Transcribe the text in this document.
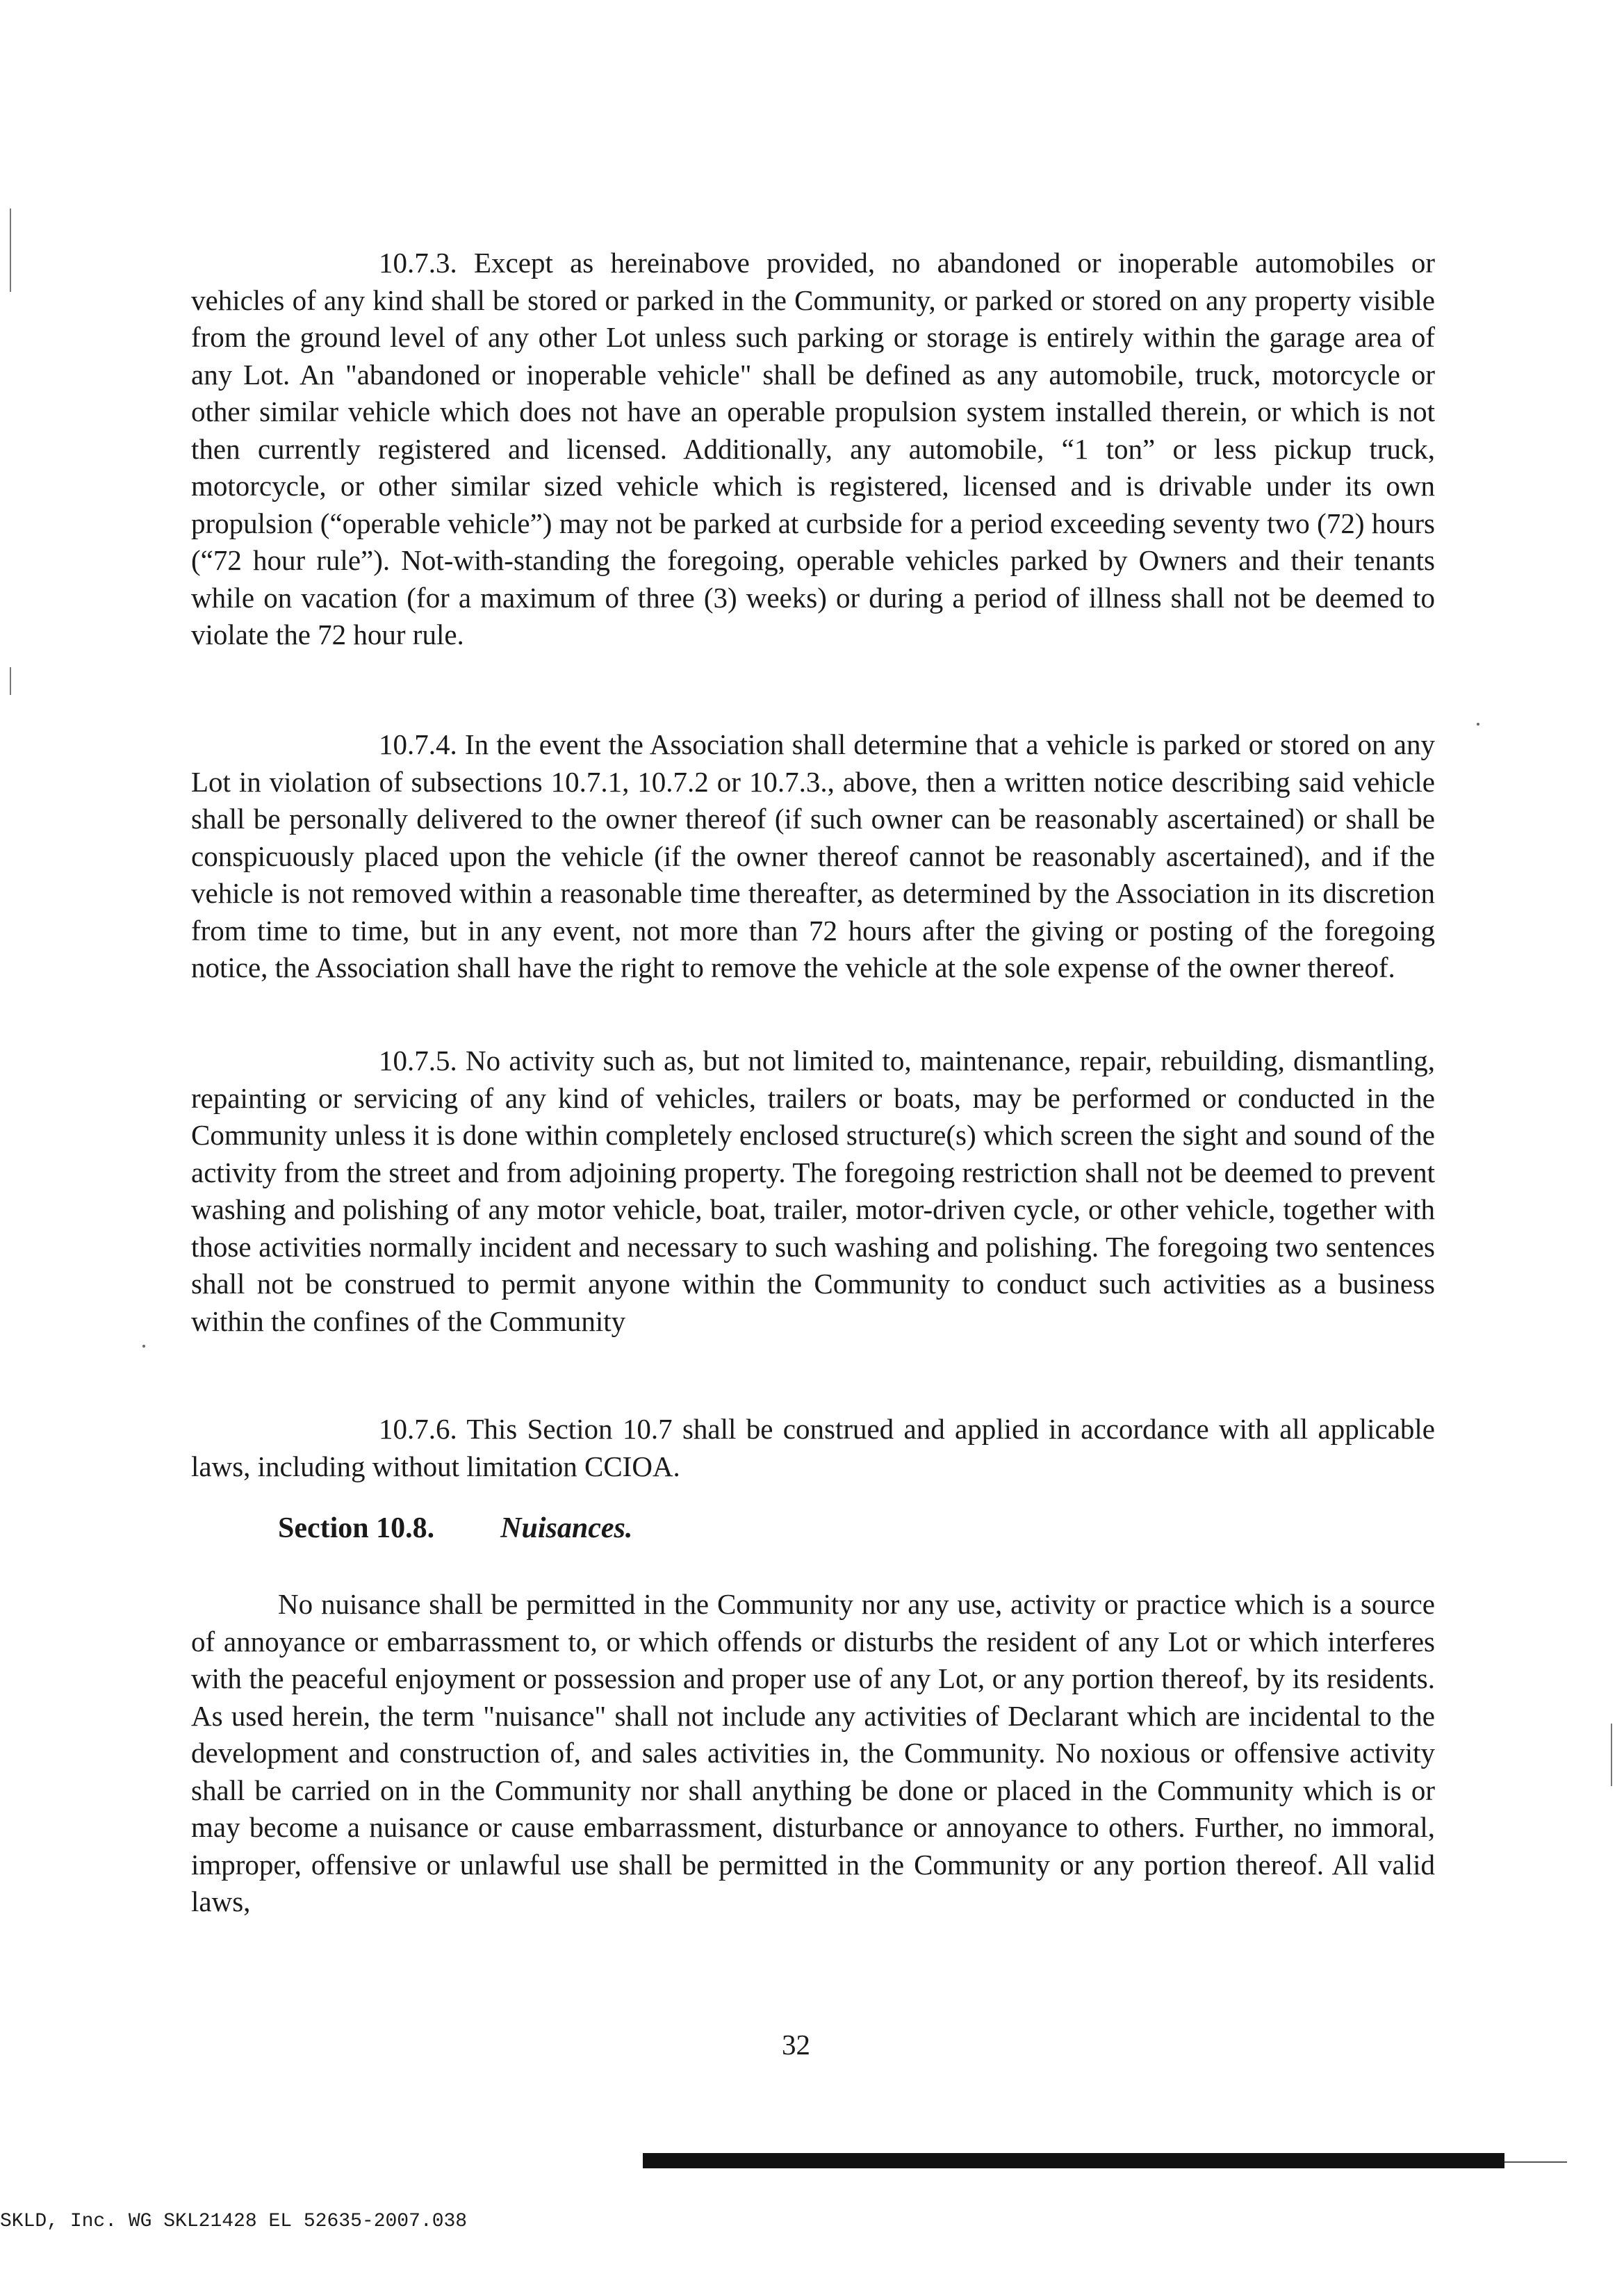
10.7.3. Except as hereinabove provided, no abandoned or inoperable automobiles or vehicles of any kind shall be stored or parked in the Community, or parked or stored on any property visible from the ground level of any other Lot unless such parking or storage is entirely within the garage area of any Lot. An "abandoned or inoperable vehicle" shall be defined as any automobile, truck, motorcycle or other similar vehicle which does not have an operable propulsion system installed therein, or which is not then currently registered and licensed. Additionally, any automobile, “1 ton” or less pickup truck, motorcycle, or other similar sized vehicle which is registered, licensed and is drivable under its own propulsion (“operable vehicle”) may not be parked at curbside for a period exceeding seventy two (72) hours (“72 hour rule”). Not-with-standing the foregoing, operable vehicles parked by Owners and their tenants while on vacation (for a maximum of three (3) weeks) or during a period of illness shall not be deemed to violate the 72 hour rule.

10.7.4. In the event the Association shall determine that a vehicle is parked or stored on any Lot in violation of subsections 10.7.1, 10.7.2 or 10.7.3., above, then a written notice describing said vehicle shall be personally delivered to the owner thereof (if such owner can be reasonably ascertained) or shall be conspicuously placed upon the vehicle (if the owner thereof cannot be reasonably ascertained), and if the vehicle is not removed within a reasonable time thereafter, as determined by the Association in its discretion from time to time, but in any event, not more than 72 hours after the giving or posting of the foregoing notice, the Association shall have the right to remove the vehicle at the sole expense of the owner thereof.

10.7.5. No activity such as, but not limited to, maintenance, repair, rebuilding, dismantling, repainting or servicing of any kind of vehicles, trailers or boats, may be performed or conducted in the Community unless it is done within completely enclosed structure(s) which screen the sight and sound of the activity from the street and from adjoining property. The foregoing restriction shall not be deemed to prevent washing and polishing of any motor vehicle, boat, trailer, motor-driven cycle, or other vehicle, together with those activities normally incident and necessary to such washing and polishing. The foregoing two sentences shall not be construed to permit anyone within the Community to conduct such activities as a business within the confines of the Community

10.7.6. This Section 10.7 shall be construed and applied in accordance with all applicable laws, including without limitation CCIOA.

Section 10.8. Nuisances.

No nuisance shall be permitted in the Community nor any use, activity or practice which is a source of annoyance or embarrassment to, or which offends or disturbs the resident of any Lot or which interferes with the peaceful enjoyment or possession and proper use of any Lot, or any portion thereof, by its residents. As used herein, the term "nuisance" shall not include any activities of Declarant which are incidental to the development and construction of, and sales activities in, the Community. No noxious or offensive activity shall be carried on in the Community nor shall anything be done or placed in the Community which is or may become a nuisance or cause embarrassment, disturbance or annoyance to others. Further, no immoral, improper, offensive or unlawful use shall be permitted in the Community or any portion thereof. All valid laws,

32
SKLD, Inc. WG SKL21428 EL 52635-2007.038
